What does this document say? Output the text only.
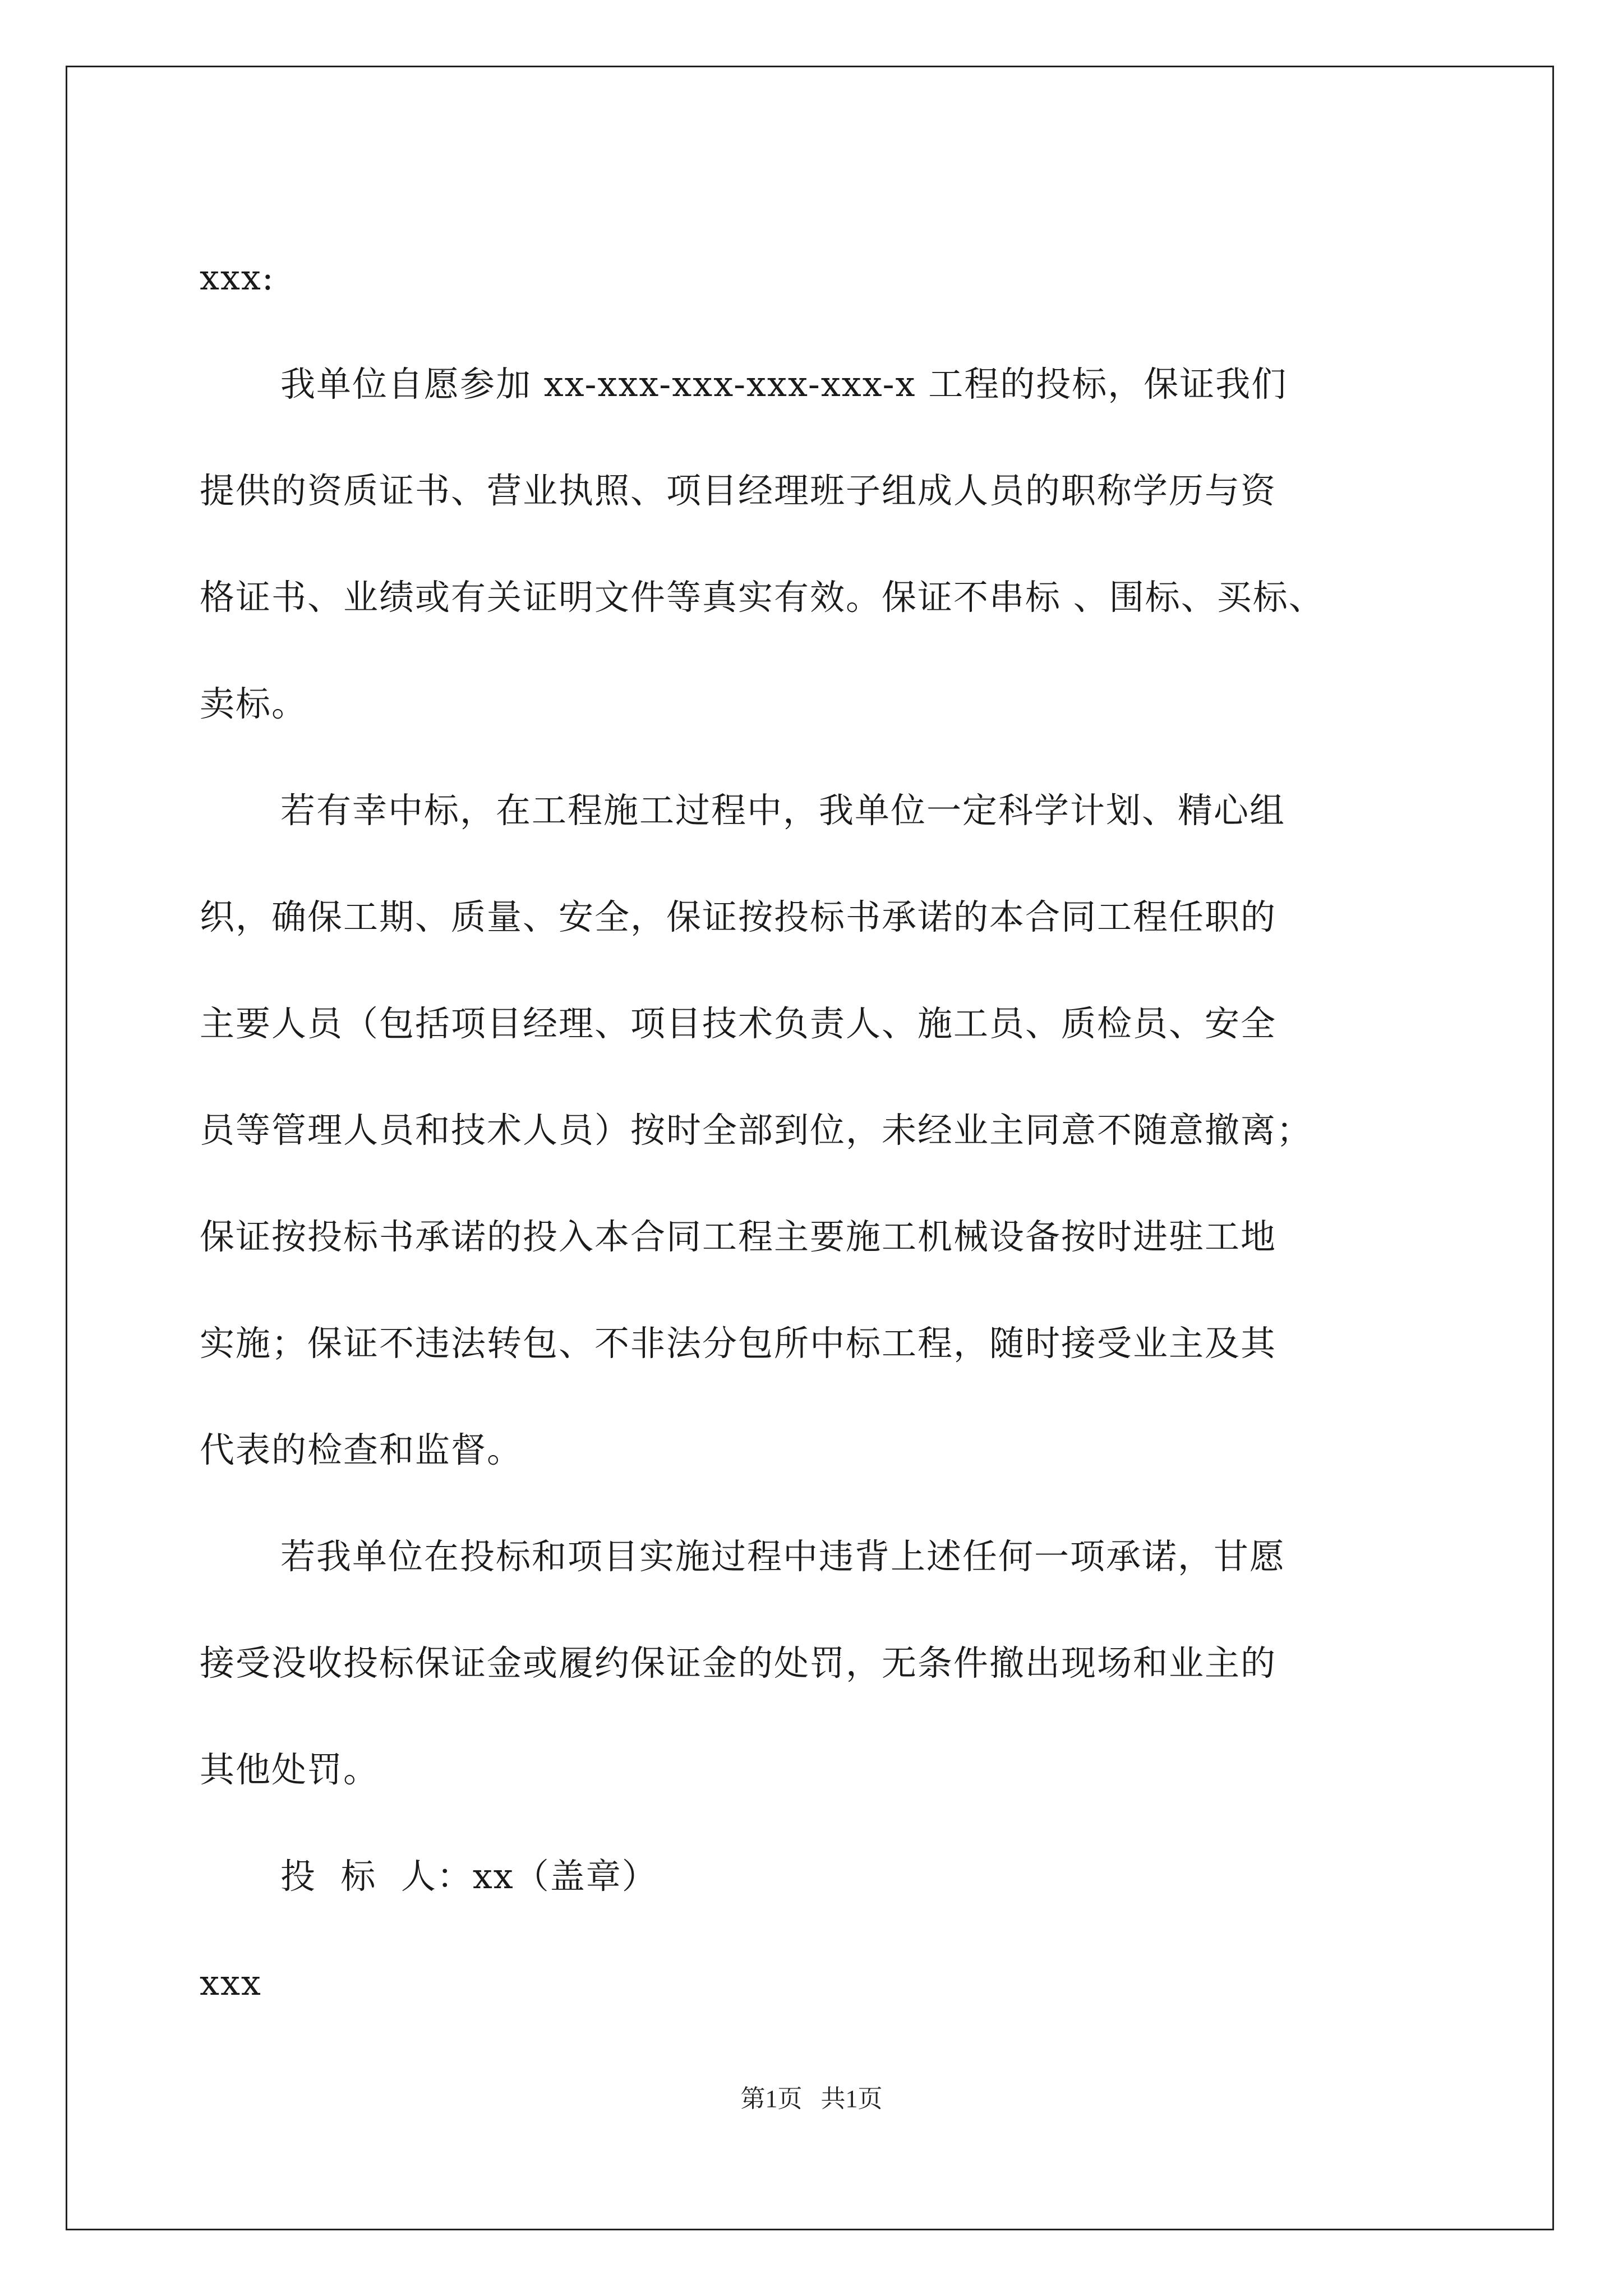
xxx:
我单位自愿参加 xx-xxx-xxx-xxx-xxx-x 工程的投标，保证我们
提供的资质证书、营业执照、项目经理班子组成人员的职称学历与资
格证书、业绩或有关证明文件等真实有效。保证不串标 、围标、买标、
卖标。
若有幸中标，在工程施工过程中，我单位一定科学计划、精心组
织，确保工期、质量、安全，保证按投标书承诺的本合同工程任职的
主要人员（包括项目经理、项目技术负责人、施工员、质检员、安全
员等管理人员和技术人员）按时全部到位，未经业主同意不随意撤离；
保证按投标书承诺的投入本合同工程主要施工机械设备按时进驻工地
实施；保证不违法转包、不非法分包所中标工程，随时接受业主及其
代表的检查和监督。
若我单位在投标和项目实施过程中违背上述任何一项承诺，甘愿
接受没收投标保证金或履约保证金的处罚，无条件撤出现场和业主的
其他处罚。
投  标  人：xx（盖章）
xxx
第1页   共1页
